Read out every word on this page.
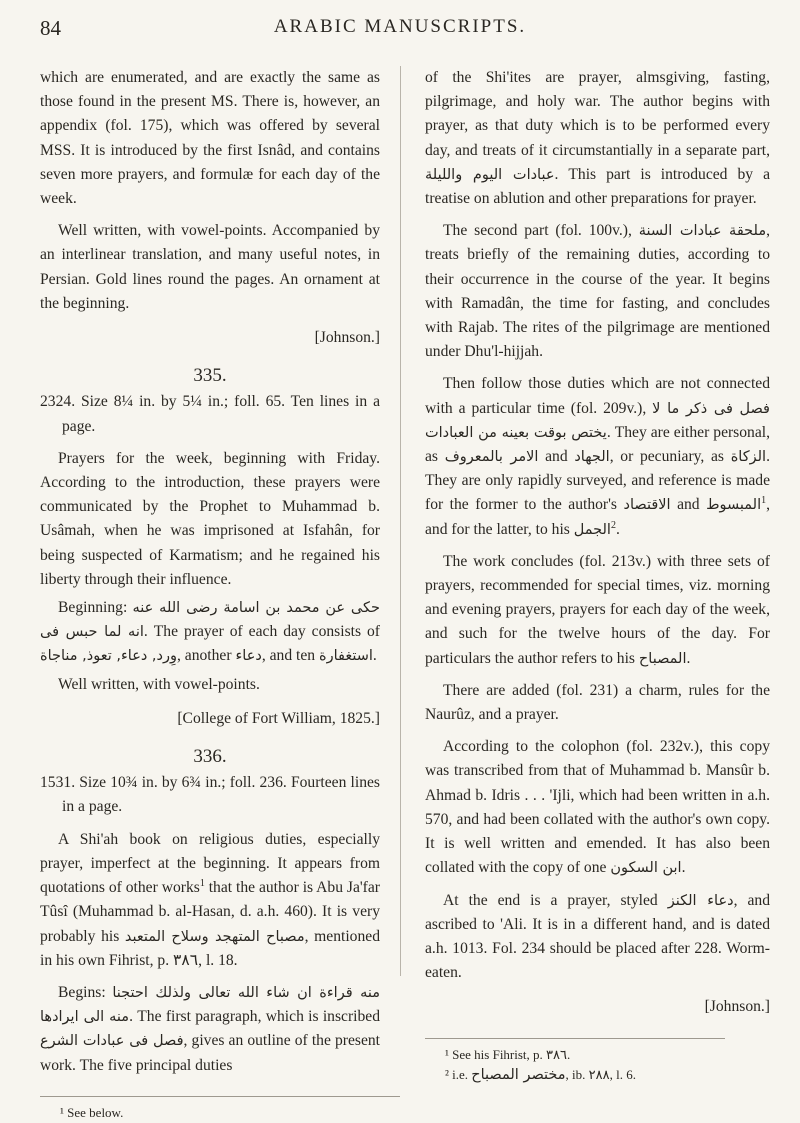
84	ARABIC MANUSCRIPTS.

which are enumerated, and are exactly the same as those found in the present MS. There is, however, an appendix (fol. 175), which was offered by several MSS. It is introduced by the first Isnâd, and contains seven more prayers, and formulæ for each day of the week.

Well written, with vowel-points. Accompanied by an interlinear translation, and many useful notes, in Persian. Gold lines round the pages. An ornament at the beginning.

[Johnson.]

335.

2324. Size 8¼ in. by 5¼ in.; foll. 65. Ten lines in a page.

Prayers for the week, beginning with Friday. According to the introduction, these prayers were communicated by the Prophet to Muhammad b. Usâmah, when he was imprisoned at Isfahân, for being suspected of Karmatism; and he regained his liberty through their influence.

Beginning: حكى عن محمد بن اسامة رضى الله عنه انه لما حبس فى. The prayer of each day consists of وِرد, دعاء, تعوذ, مناجاة, another دعاء, and ten استغفارة.

Well written, with vowel-points.

[College of Fort William, 1825.]

336.

1531. Size 10¾ in. by 6¾ in.; foll. 236. Fourteen lines in a page.

A Shi'ah book on religious duties, especially prayer, imperfect at the beginning. It appears from quotations of other works$^1$ that the author is Abu Ja'far Tûsî (Muhammad b. al-Hasan, d. a.h. 460). It is very probably his مصباح المتهجد وسلاح المتعبد, mentioned in his own Fihrist, p. ٣٨٦, l. 18.

Begins: منه قراءة ان شاء الله تعالى ولذلك احتجنا منه الى ايرادها. The first paragraph, which is inscribed فصل فى عبادات الشرع, gives an outline of the present work. The five principal duties

¹ See below.

of the Shi'ites are prayer, almsgiving, fasting, pilgrimage, and holy war. The author begins with prayer, as that duty which is to be performed every day, and treats of it circumstantially in a separate part, عبادات اليوم والليلة. This part is introduced by a treatise on ablution and other preparations for prayer.

The second part (fol. 100v.), ملحقة عبادات السنة, treats briefly of the remaining duties, according to their occurrence in the course of the year. It begins with Ramadân, the time for fasting, and concludes with Rajab. The rites of the pilgrimage are mentioned under Dhu'l-hijjah.

Then follow those duties which are not connected with a particular time (fol. 209v.), فصل فى ذكر ما لا يختص بوقت بعينه من العبادات. They are either personal, as الامر بالمعروف and الجهاد, or pecuniary, as الزكاة. They are only rapidly surveyed, and reference is made for the former to the author's الاقتصاد and المبسوط$^1$, and for the latter, to his الجمل$^2$.

The work concludes (fol. 213v.) with three sets of prayers, recommended for special times, viz. morning and evening prayers, prayers for each day of the week, and such for the twelve hours of the day. For particulars the author refers to his المصباح.

There are added (fol. 231) a charm, rules for the Naurûz, and a prayer.

According to the colophon (fol. 232v.), this copy was transcribed from that of Muhammad b. Mansûr b. Ahmad b. Idris . . . 'Ijli, which had been written in a.h. 570, and had been collated with the author's own copy. It is well written and emended. It has also been collated with the copy of one ابن السكون.

At the end is a prayer, styled دعاء الكنز, and ascribed to 'Ali. It is in a different hand, and is dated a.h. 1013. Fol. 234 should be placed after 228. Worm-eaten.

[Johnson.]

¹ See his Fihrist, p. ٣٨٦.

² i.e. مختصر المصباح, ib. ٢٨٨, l. 6.
